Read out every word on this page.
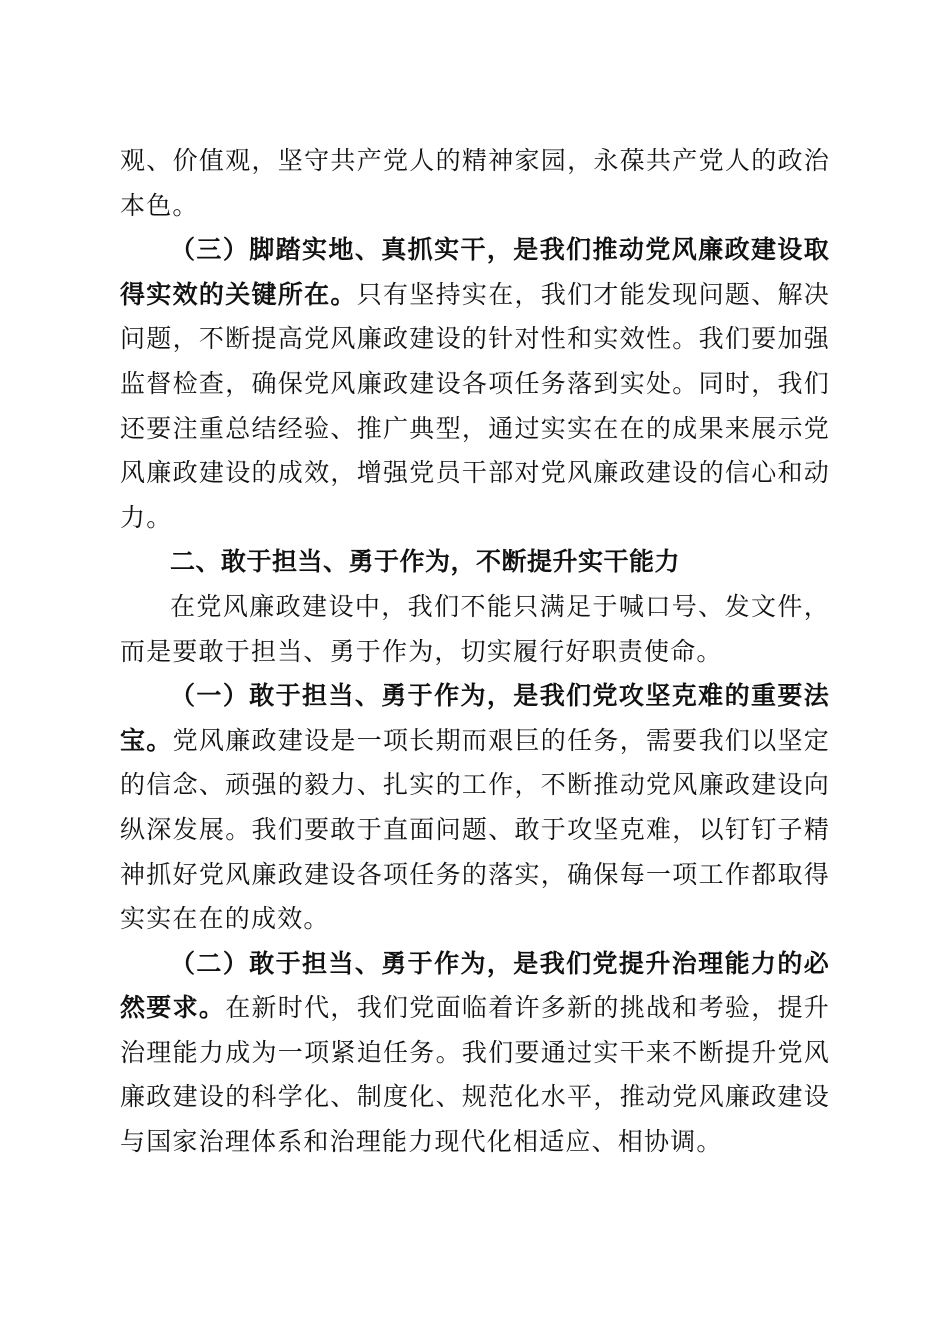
观、价值观，坚守共产党人的精神家园，永葆共产党人的政治本色。

（三）脚踏实地、真抓实干，是我们推动党风廉政建设取得实效的关键所在。只有坚持实在，我们才能发现问题、解决问题，不断提高党风廉政建设的针对性和实效性。我们要加强监督检查，确保党风廉政建设各项任务落到实处。同时，我们还要注重总结经验、推广典型，通过实实在在的成果来展示党风廉政建设的成效，增强党员干部对党风廉政建设的信心和动力。

二、敢于担当、勇于作为，不断提升实干能力

在党风廉政建设中，我们不能只满足于喊口号、发文件，而是要敢于担当、勇于作为，切实履行好职责使命。

（一）敢于担当、勇于作为，是我们党攻坚克难的重要法宝。党风廉政建设是一项长期而艰巨的任务，需要我们以坚定的信念、顽强的毅力、扎实的工作，不断推动党风廉政建设向纵深发展。我们要敢于直面问题、敢于攻坚克难，以钉钉子精神抓好党风廉政建设各项任务的落实，确保每一项工作都取得实实在在的成效。

（二）敢于担当、勇于作为，是我们党提升治理能力的必然要求。在新时代，我们党面临着许多新的挑战和考验，提升治理能力成为一项紧迫任务。我们要通过实干来不断提升党风廉政建设的科学化、制度化、规范化水平，推动党风廉政建设与国家治理体系和治理能力现代化相适应、相协调。
